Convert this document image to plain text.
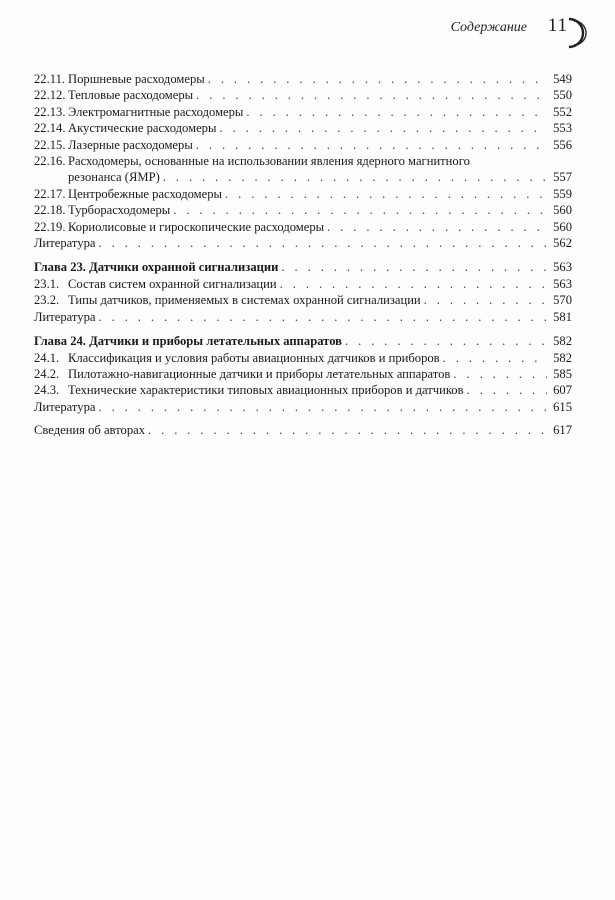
Содержание 11
22.11. Поршневые расходомеры . . .	549
22.12. Тепловые расходомеры . . .	550
22.13. Электромагнитные расходомеры . . .	552
22.14. Акустические расходомеры . . .	553
22.15. Лазерные расходомеры . . .	556
22.16. Расходомеры, основанные на использовании явления ядерного магнитного
резонанса (ЯМР) . . .	557
22.17. Центробежные расходомеры . . .	559
22.18. Турборасходомеры . . .	560
22.19. Кориолисовые и гироскопические расходомеры . . .	560
Литература . . .	562
Глава 23. Датчики охранной сигнализации . . .	563
23.1. Состав систем охранной сигнализации . . .	563
23.2. Типы датчиков, применяемых в системах охранной сигнализации . . .	570
Литература . . .	581
Глава 24. Датчики и приборы летательных аппаратов . . .	582
24.1. Классификация и условия работы авиационных датчиков и приборов . . .	582
24.2. Пилотажно-навигационные датчики и приборы летательных аппаратов . . .	585
24.3. Технические характеристики типовых авиационных приборов и датчиков . . .	607
Литература . . .	615
Сведения об авторах . . .	617
